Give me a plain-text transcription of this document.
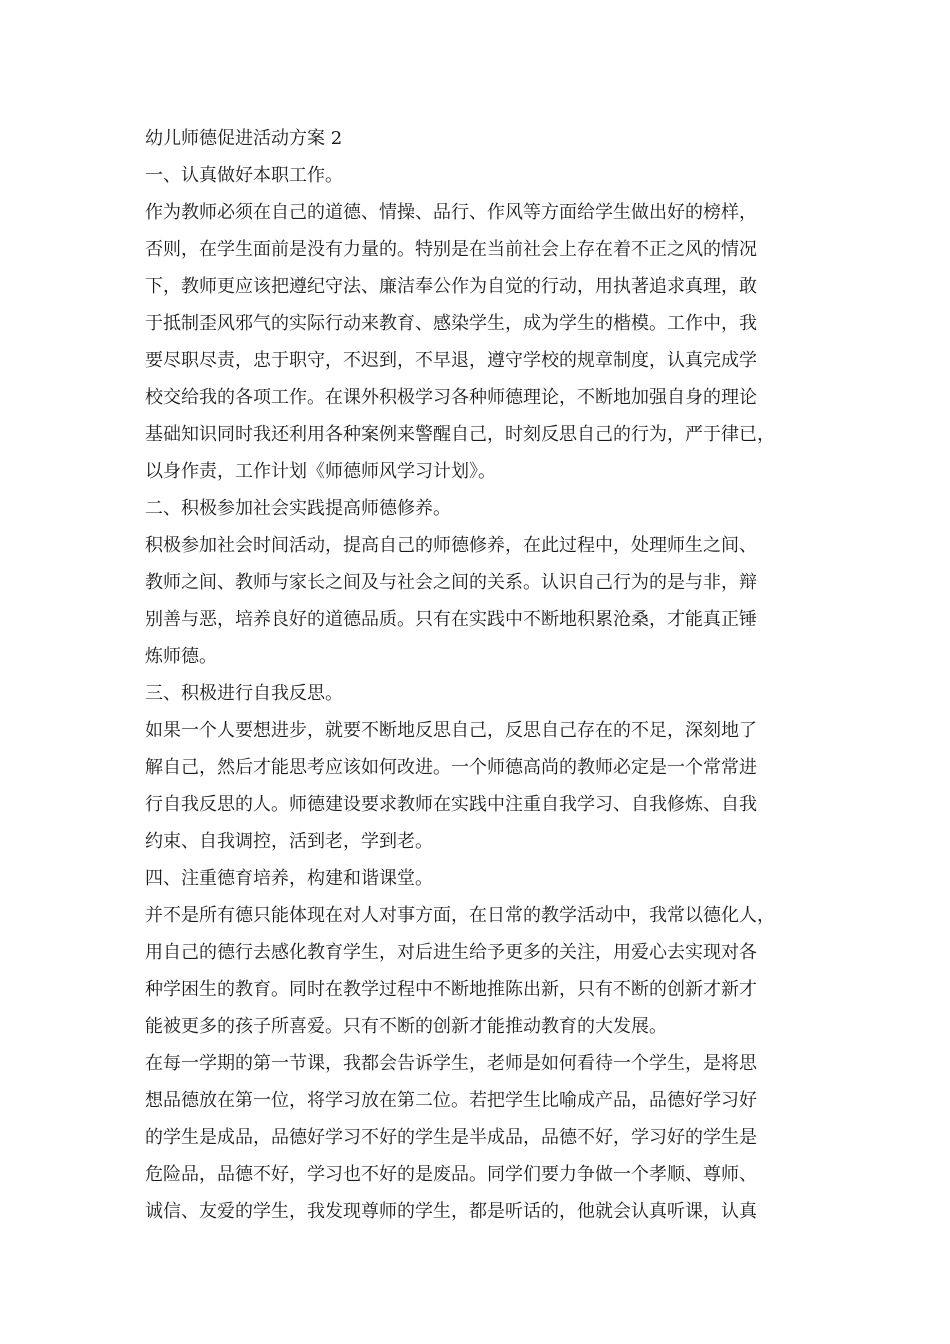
幼儿师德促进活动方案 2

一、认真做好本职工作。

作为教师必须在自己的道德、情操、品行、作风等方面给学生做出好的榜样，

否则，在学生面前是没有力量的。特别是在当前社会上存在着不正之风的情况

下，教师更应该把遵纪守法、廉洁奉公作为自觉的行动，用执著追求真理，敢

于抵制歪风邪气的实际行动来教育、感染学生，成为学生的楷模。工作中，我

要尽职尽责，忠于职守，不迟到，不早退，遵守学校的规章制度，认真完成学

校交给我的各项工作。在课外积极学习各种师德理论，不断地加强自身的理论

基础知识同时我还利用各种案例来警醒自己，时刻反思自己的行为，严于律已，

以身作责，工作计划《师德师风学习计划》。

二、积极参加社会实践提高师德修养。

积极参加社会时间活动，提高自己的师德修养，在此过程中，处理师生之间、

教师之间、教师与家长之间及与社会之间的关系。认识自己行为的是与非，辩

别善与恶，培养良好的道德品质。只有在实践中不断地积累沧桑，才能真正锤

炼师德。

三、积极进行自我反思。

如果一个人要想进步，就要不断地反思自己，反思自己存在的不足，深刻地了

解自己，然后才能思考应该如何改进。一个师德高尚的教师必定是一个常常进

行自我反思的人。师德建设要求教师在实践中注重自我学习、自我修炼、自我

约束、自我调控，活到老，学到老。

四、注重德育培养，构建和谐课堂。

并不是所有德只能体现在对人对事方面，在日常的教学活动中，我常以德化人，

用自己的德行去感化教育学生，对后进生给予更多的关注，用爱心去实现对各

种学困生的教育。同时在教学过程中不断地推陈出新，只有不断的创新才新才

能被更多的孩子所喜爱。只有不断的创新才能推动教育的大发展。

在每一学期的第一节课，我都会告诉学生，老师是如何看待一个学生，是将思

想品德放在第一位，将学习放在第二位。若把学生比喻成产品，品德好学习好

的学生是成品，品德好学习不好的学生是半成品，品德不好，学习好的学生是

危险品，品德不好，学习也不好的是废品。同学们要力争做一个孝顺、尊师、

诚信、友爱的学生，我发现尊师的学生，都是听话的，他就会认真听课，认真
